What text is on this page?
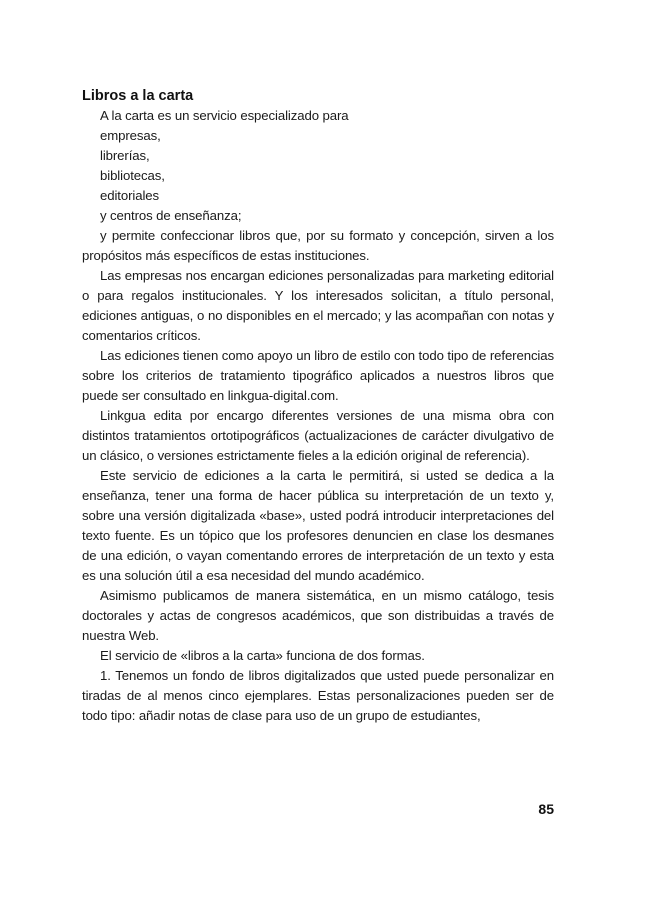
Libros a la carta

A la carta es un servicio especializado para

empresas,

librerías,

bibliotecas,

editoriales

y centros de enseñanza;

y permite confeccionar libros que, por su formato y concepción, sirven a los propósitos más específicos de estas instituciones.

Las empresas nos encargan ediciones personalizadas para marketing editorial o para regalos institucionales. Y los interesados solicitan, a título personal, ediciones antiguas, o no disponibles en el mercado; y las acompañan con notas y comentarios críticos.

Las ediciones tienen como apoyo un libro de estilo con todo tipo de referencias sobre los criterios de tratamiento tipográfico aplicados a nuestros libros que puede ser consultado en linkgua-digital.com.

Linkgua edita por encargo diferentes versiones de una misma obra con distintos tratamientos ortotipográficos (actualizaciones de carácter divulgativo de un clásico, o versiones estrictamente fieles a la edición original de referencia).

Este servicio de ediciones a la carta le permitirá, si usted se dedica a la enseñanza, tener una forma de hacer pública su interpretación de un texto y, sobre una versión digitalizada «base», usted podrá introducir interpretaciones del texto fuente. Es un tópico que los profesores denuncien en clase los desmanes de una edición, o vayan comentando errores de interpretación de un texto y esta es una solución útil a esa necesidad del mundo académico.

Asimismo publicamos de manera sistemática, en un mismo catálogo, tesis doctorales y actas de congresos académicos, que son distribuidas a través de nuestra Web.

El servicio de «libros a la carta» funciona de dos formas.

1. Tenemos un fondo de libros digitalizados que usted puede personalizar en tiradas de al menos cinco ejemplares. Estas personalizaciones pueden ser de todo tipo: añadir notas de clase para uso de un grupo de estudiantes,

85
